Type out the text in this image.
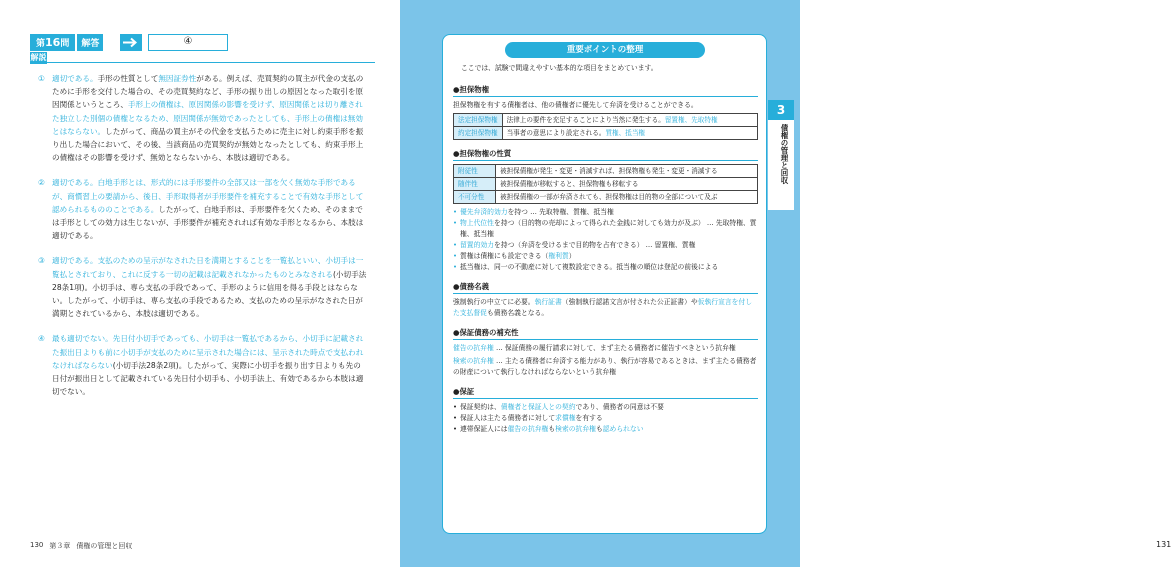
第16問	解答	④
解説
① 適切である。手形の性質として無因証券性がある。例えば、売買契約の買主が代金の支払のために手形を交付した場合の、その売買契約など、手形の振り出しの原因となった取引を原因関係というところ、手形上の債権は、原因関係の影響を受けず、原因関係とは切り離された独立した別個の債権となるため、原因関係が無効であったとしても、手形上の債権は無効とはならない。したがって、商品の買主がその代金を支払うために売主に対し約束手形を振り出した場合において、その後、当該商品の売買契約が無効となったとしても、約束手形上の債権はその影響を受けず、無効とならないから、本肢は適切である。
② 適切である。白地手形とは、形式的には手形要件の全部又は一部を欠く無効な手形であるが、商慣習上の要請から、後日、手形取得者が手形要件を補充することで有効な手形として認められるもののことである。したがって、白地手形は、手形要件を欠くため、そのままでは手形としての効力は生じないが、手形要件が補充されれば有効な手形となるから、本肢は適切である。
③ 適切である。支払のための呈示がなされた日を満期とすることを一覧払といい、小切手は一覧払とされており、これに反する一切の記載は記載されなかったものとみなされる(小切手法28条1項)。小切手は、専ら支払の手段であって、手形のように信用を得る手段とはならない。したがって、小切手は、専ら支払の手段であるため、支払のための呈示がなされた日が満期とされているから、本肢は適切である。
④ 最も適切でない。先日付小切手であっても、小切手は一覧払であるから、小切手に記載された振出日よりも前に小切手が支払のために呈示された場合には、呈示された時点で支払われなければならない(小切手法28条2項)。したがって、実際に小切手を振り出す日よりも先の日付が振出日として記載されている先日付小切手も、小切手法上、有効であるから本肢は適切でない。
130 第３章 債権の管理と回収
重要ポイントの整理
ここでは、試験で間違えやすい基本的な項目をまとめています。
●担保物権
担保物権を有する債権者は、他の債権者に優先して弁済を受けることができる。
法定担保物権	法律上の要件を充足することにより当然に発生する。留置権、先取特権
約定担保物権	当事者の意思により設定される。質権、抵当権
●担保物権の性質
附従性	被担保債権が発生・変更・消滅すれば、担保物権も発生・変更・消滅する
随伴性	被担保債権が移転すると、担保物権も移転する
不可分性	被担保債権の一部が弁済されても、担保物権は目的物の全部について及ぶ
• 優先弁済的効力を持つ … 先取特権、質権、抵当権
• 物上代位性を持つ（目的物の売却によって得られた金銭に対しても効力が及ぶ） … 先取特権、質権、抵当権
• 留置的効力を持つ（弁済を受けるまで目的物を占有できる） … 留置権、質権
• 質権は債権にも設定できる（権利質）
• 抵当権は、同一の不動産に対して複数設定できる。抵当権の順位は登記の前後による
●債務名義
強制執行の中立てに必要。執行証書（強制執行認諾文言が付された公正証書）や仮執行宣言を付した支払督促も債務名義となる。
●保証債務の補充性
催告の抗弁権 … 保証債務の履行請求に対して、まず主たる債務者に催告すべきという抗弁権
検索の抗弁権 … 主たる債務者に弁済する能力があり、執行が容易であるときは、まず主たる債務者の財産について執行しなければならないという抗弁権
●保証
• 保証契約は、債権者と保証人との契約であり、債務者の同意は不要
• 保証人は主たる債務者に対して求償権を有する
• 連帯保証人には催告の抗弁権も検索の抗弁権も認められない
131
3
債権の管理と回収
